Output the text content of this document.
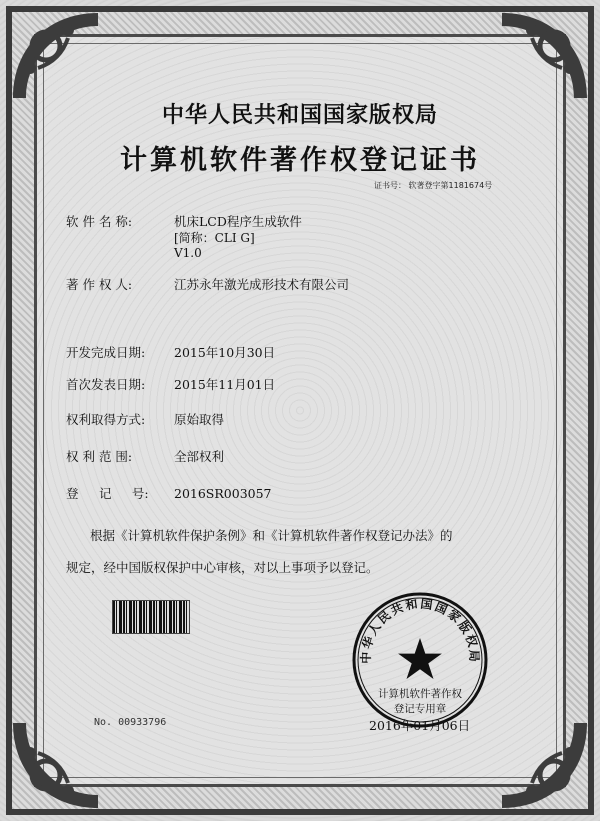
中华人民共和国国家版权局
计算机软件著作权登记证书
证书号： 软著登字第1181674号
软 件 名 称:	机床LCD程序生成软件
[简称：CLI G]
V1.0
著 作 权 人:	江苏永年激光成形技术有限公司
开发完成日期: 2015年10月30日
首次发表日期: 2015年11月01日
权利取得方式: 原始取得
权 利 范 围:	全部权利
登 　 记 　 号: 2016SR003057
根据《计算机软件保护条例》和《计算机软件著作权登记办法》的
规定，经中国版权保护中心审核，对以上事项予以登记。
No. 00933796
中华人民共和国国家版权局
计算机软件著作权
登记专用章
2016年01月06日
